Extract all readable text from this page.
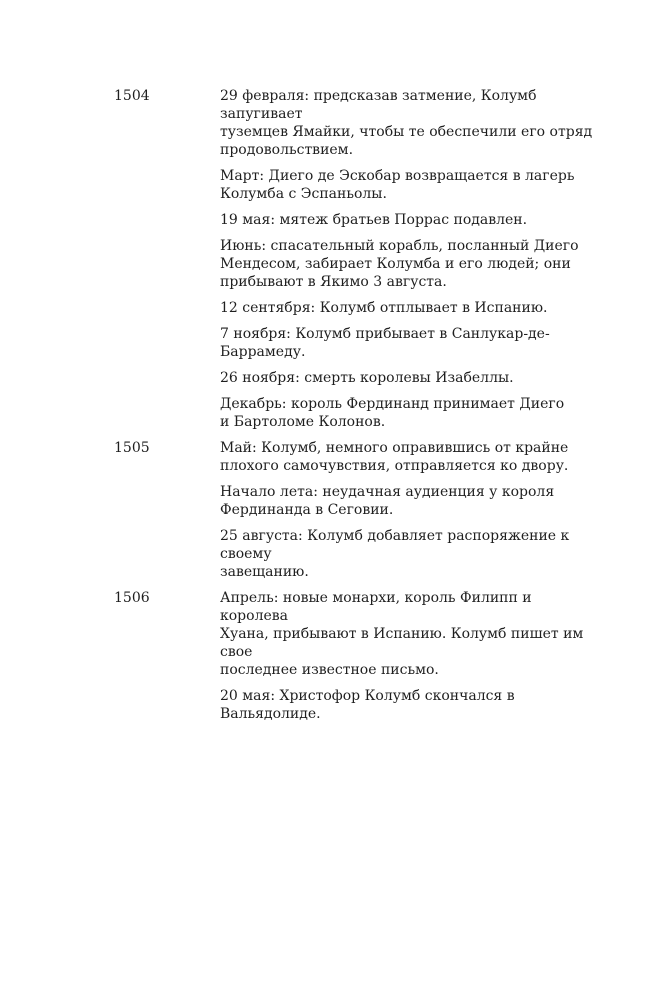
1504	29 февраля: предсказав затмение, Колумб запугивает
туземцев Ямайки, чтобы те обеспечили его отряд
продовольствием.
Март: Диего де Эскобар возвращается в лагерь
Колумба с Эспаньолы.
19 мая: мятеж братьев Поррас подавлен.
Июнь: спасательный корабль, посланный Диего
Мендесом, забирает Колумба и его людей; они
прибывают в Якимо 3 августа.
12 сентября: Колумб отплывает в Испанию.
7 ноября: Колумб прибывает в Санлукар-де-
Баррамеду.
26 ноября: смерть королевы Изабеллы.
Декабрь: король Фердинанд принимает Диего
и Бартоломе Колонов.
1505	Май: Колумб, немного оправившись от крайне
плохого самочувствия, отправляется ко двору.
Начало лета: неудачная аудиенция у короля
Фердинанда в Сеговии.
25 августа: Колумб добавляет распоряжение к своему
завещанию.
1506	Апрель: новые монархи, король Филипп и королева
Хуана, прибывают в Испанию. Колумб пишет им свое
последнее известное письмо.
20 мая: Христофор Колумб скончался в Вальядолиде.
